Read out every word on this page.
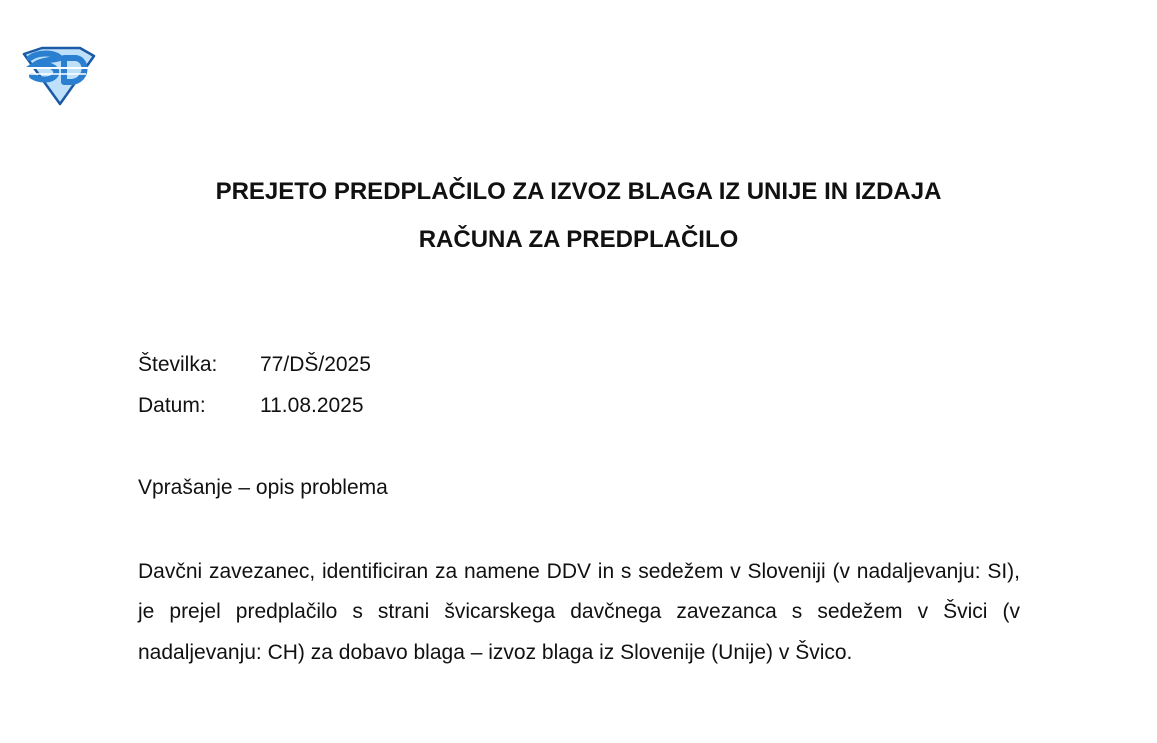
PREJETO PREDPLAČILO ZA IZVOZ BLAGA IZ UNIJE IN IZDAJA
RAČUNA ZA PREDPLAČILO
Številka: 77/DŠ/2025
Datum:	11.08.2025
Vprašanje – opis problema
Davčni zavezanec, identificiran za namene DDV in s sedežem v Sloveniji (v nadaljevanju: SI), je prejel predplačilo s strani švicarskega davčnega zavezanca s sedežem v Švici (v nadaljevanju: CH) za dobavo blaga – izvoz blaga iz Slovenije (Unije) v Švico.
